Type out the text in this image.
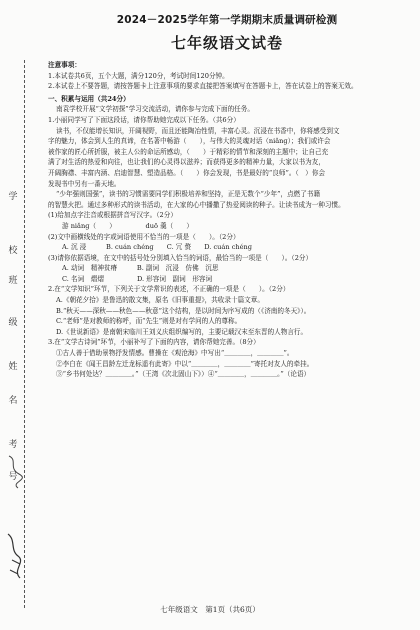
学
校
班
级
姓
名
考
号

2024－2025学年第一学期期末质量调研检测

七年级语文试卷

注意事项：

1.本试卷共6页，五个大题，满分120分，考试时间120分钟。

2.本试卷上不要答题，请按答题卡上注意事项的要求直接把答案填写在答题卡上，答在试卷上的答案无效。

一、积累与运用（共24分）

南袁学校开展“文学初探”学习交流活动，请你参与完成下面的任务。

1.小丽同学写了下面这段话，请你帮助她完成以下任务。（共6分）

读书，不仅能增长知识，开阔视野，而且还能陶冶性情，丰富心灵。沉浸在书香中，你将感受到文

字的魅力，体会到人生的真谛，在名著中畅游（　　），与伟大的灵魂对话（niǎnɡ）；我们或许会

被作家的匠心所折服，被主人公的命运所感动，（　　）于精彩的情节和深刻的主题中；让自己充

满了对生活的热爱和向往，也让我们的心灵得以滋养；而获得更多的精神力量，大家以书为友，

开阔胸襟、丰富内涵、启迪智慧、塑造品格。（　　）你会发现，书是最好的“良师”。（　）你会

发现书中另有一番天地。

“少年强则国强”，读书的习惯需要同学们积极培养和坚持，正是无数个“少年”，点燃了书籍

的智慧火把。通过多种形式的读书活动，在大家的心中播撒了热爱阅读的种子。让读书成为一种习惯。

(1)给加点字注音或根据拼音写汉字。（2分）

游 niǎnɡ（　　）　　　　　duō 羹（　　）

(2)文中画横线处的字或词语使用不恰当的一项是（　　）。（2分）

A. 沉 浸　　　B. cuán chénɡ　　C. 冗 赘　　D. cuán chénɡ

(3)请你依据语境，在文中的括号处分别填入恰当的词语，最恰当的一项是（　　）。（2分）

A. 动词　精神贫瘠　　　B. 副词　沉浸　仿佛　沉思

C. 名词　熠熠　　　　　D. 形容词　副词　形容词

2.在“文学知识”环节，下列关于文学常识的表述，不正确的一项是（　　）。（2分）

A.《朝花夕拾》是鲁迅的散文集，原名《旧事重提》，共收录十篇文章。

B.“秋天——深秋——秋色——秋意”这个结构，是以时间为序写成的（《济南的冬天》）。

C.“老师”是对教师的称呼，而“先生”则是对有学问的人的尊称。

D.《世说新语》是南朝宋临川王刘义庆组织编写的，主要记载汉末至东晋的人物言行。

3.在“文学古诗词”环节，小丽补写了下面的内容，请你帮她完善。（8分）

①古人善于借助景物抒发情感。曹操在《观沧海》中写出“＿＿＿＿，＿＿＿＿”。

②李白在《闻王昌龄左迁龙标遥有此寄》中以“＿＿＿＿，＿＿＿＿”寄托对友人的牵挂。

③“乡书何处达？＿＿＿＿。”（王湾《次北固山下》）④“＿＿＿＿，＿＿＿＿。”（论语）

七年级语文　第1页（共6页）
